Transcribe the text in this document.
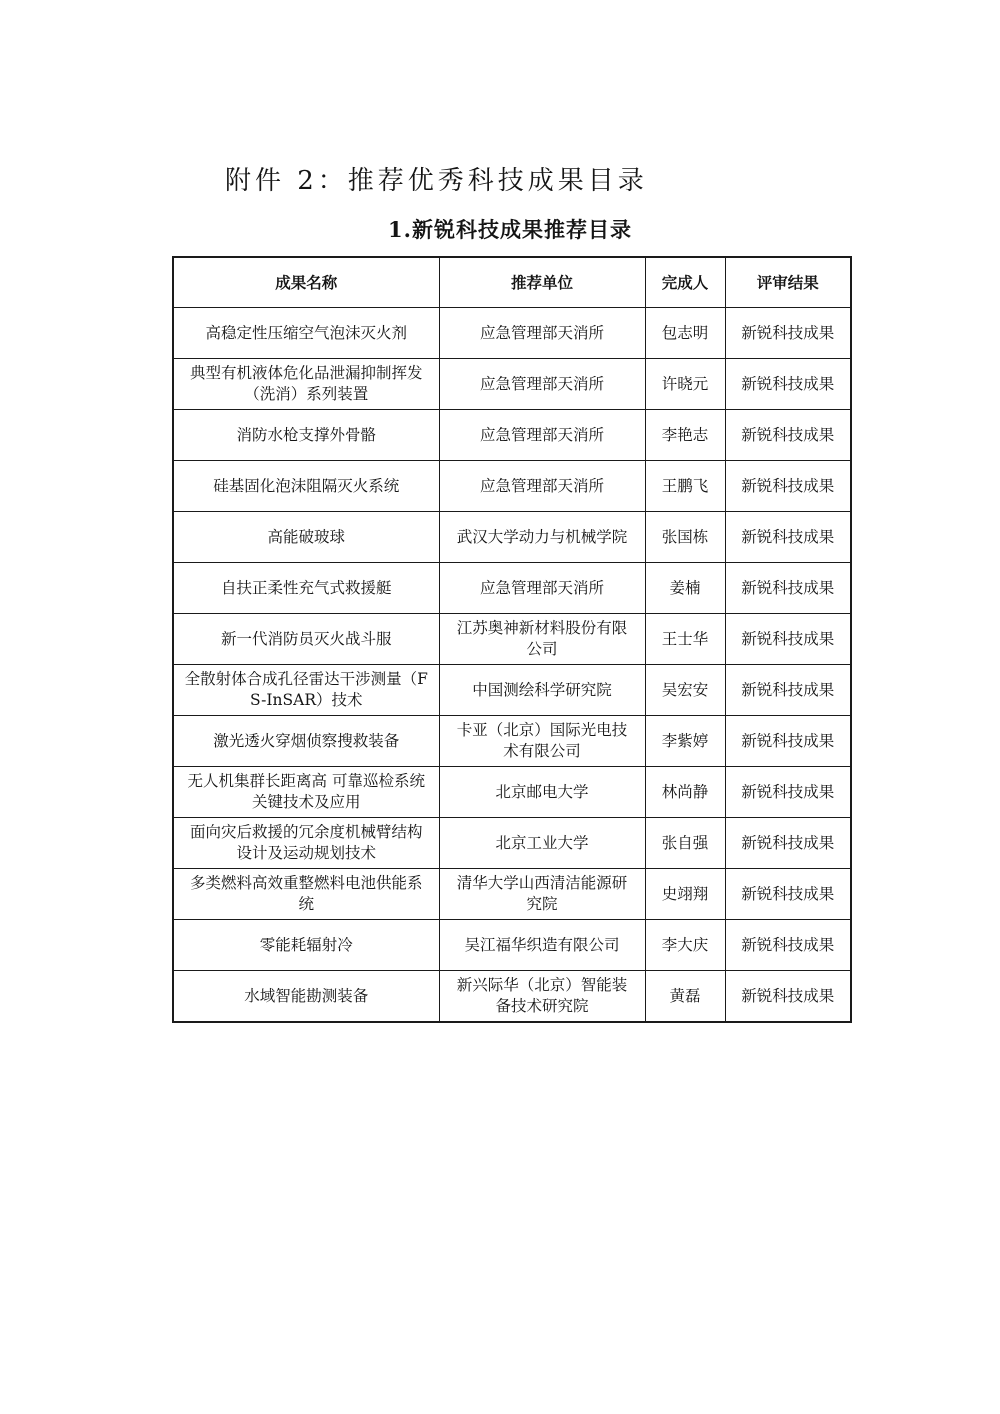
附件 2：推荐优秀科技成果目录
1.新锐科技成果推荐目录
成果名称	推荐单位	完成人	评审结果
高稳定性压缩空气泡沫灭火剂	应急管理部天消所	包志明	新锐科技成果
典型有机液体危化品泄漏抑制挥发（洗消）系列装置	应急管理部天消所	许晓元	新锐科技成果
消防水枪支撑外骨骼	应急管理部天消所	李艳志	新锐科技成果
硅基固化泡沫阻隔灭火系统	应急管理部天消所	王鹏飞	新锐科技成果
高能破玻球	武汉大学动力与机械学院	张国栋	新锐科技成果
自扶正柔性充气式救援艇	应急管理部天消所	姜楠	新锐科技成果
新一代消防员灭火战斗服	江苏奥神新材料股份有限公司	王士华	新锐科技成果
全散射体合成孔径雷达干涉测量（FS-InSAR）技术	中国测绘科学研究院	吴宏安	新锐科技成果
激光透火穿烟侦察搜救装备	卡亚（北京）国际光电技术有限公司	李紫婷	新锐科技成果
无人机集群长距离高 可靠巡检系统关键技术及应用	北京邮电大学	林尚静	新锐科技成果
面向灾后救援的冗余度机械臂结构设计及运动规划技术	北京工业大学	张自强	新锐科技成果
多类燃料高效重整燃料电池供能系统	清华大学山西清洁能源研究院	史翊翔	新锐科技成果
零能耗辐射冷	吴江福华织造有限公司	李大庆	新锐科技成果
水域智能勘测装备	新兴际华（北京）智能装备技术研究院	黄磊	新锐科技成果
